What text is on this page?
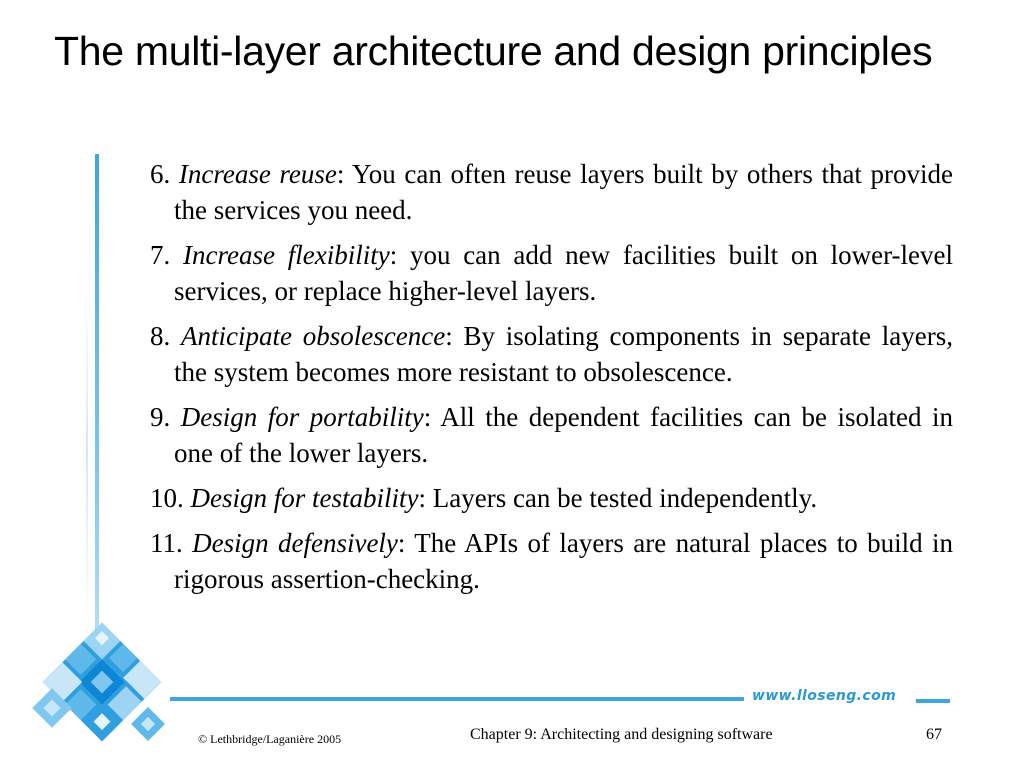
The multi-layer architecture and design principles
6. Increase reuse: You can often reuse layers built by others that provide the services you need.
7. Increase flexibility: you can add new facilities built on lower-level services, or replace higher-level layers.
8. Anticipate obsolescence: By isolating components in separate layers, the system becomes more resistant to obsolescence.
9. Design for portability: All the dependent facilities can be isolated in one of the lower layers.
10. Design for testability: Layers can be tested independently.
11. Design defensively: The APIs of layers are natural places to build in rigorous assertion-checking.
www.lloseng.com
© Lethbridge/Laganière 2005	Chapter 9: Architecting and designing software	67
